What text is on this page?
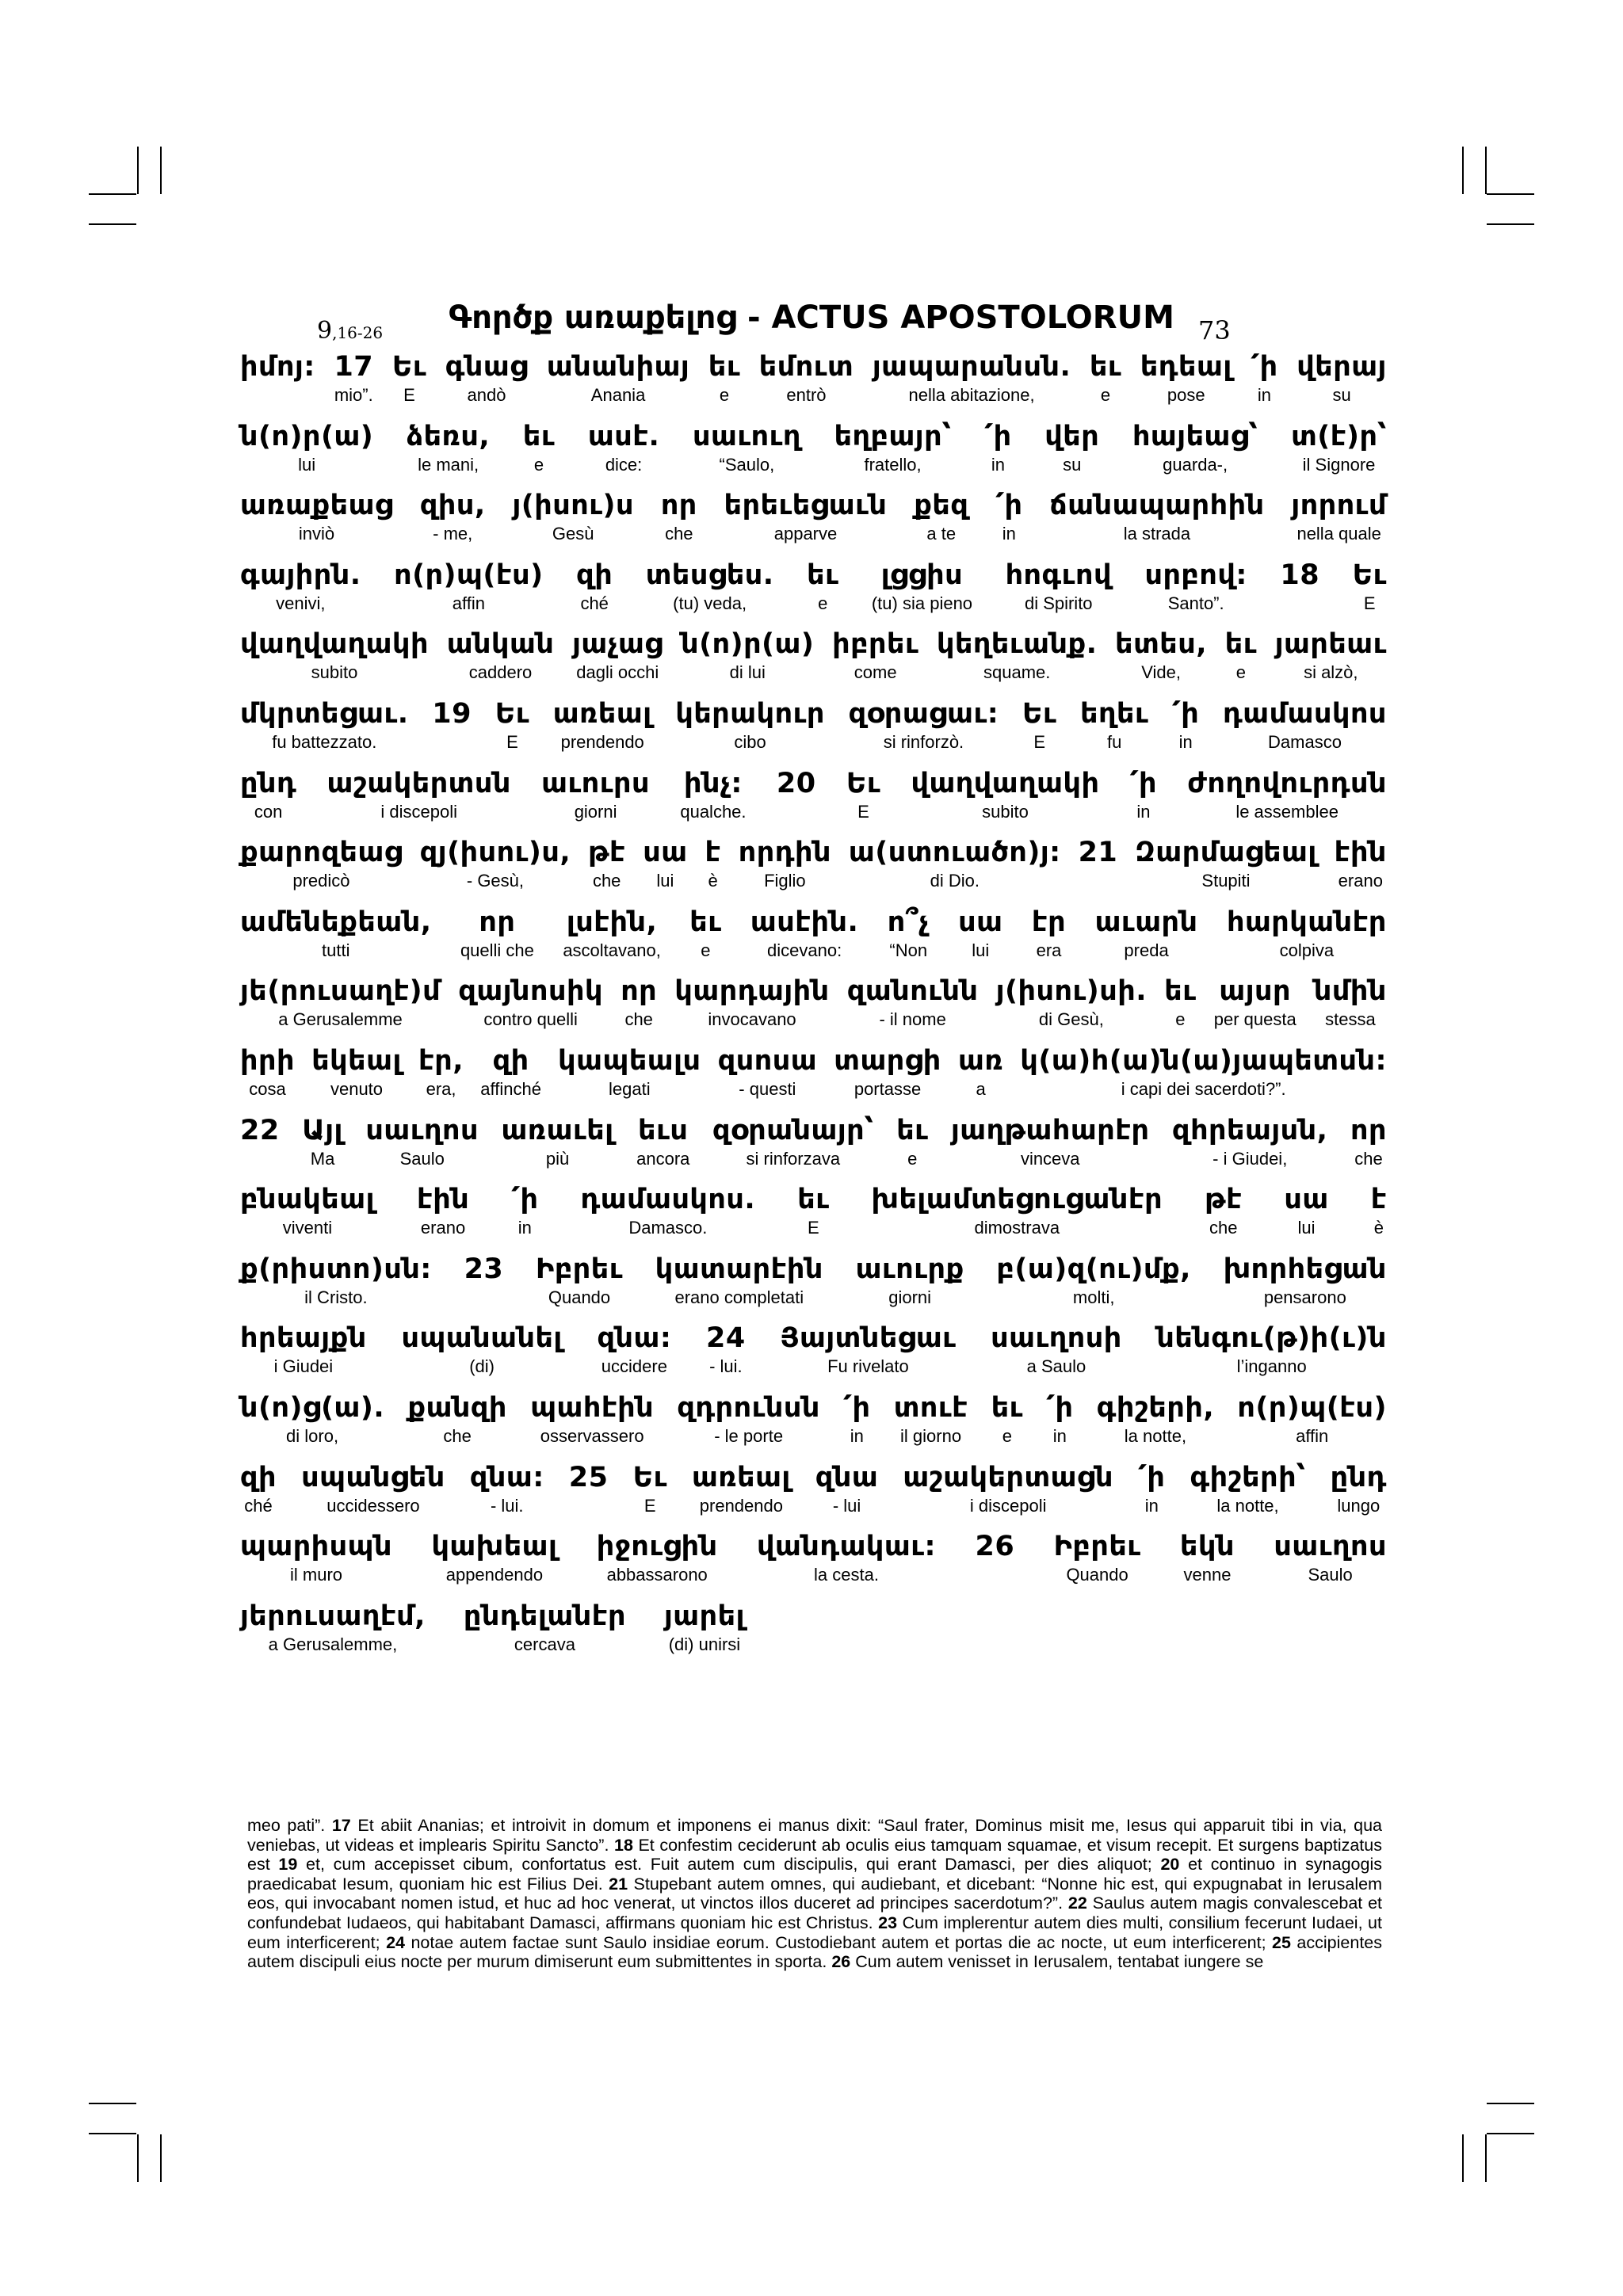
9,16-26	Գործք առաքելոց - ACTUS APOSTOLORUM 73
իմոյ: 17
mio”.
Եւ
E
գնաց
andò
անանիայ
Anania
եւ
e
եմուտ
entrò
յապարանսն.
nella abitazione,
եւ
e
եդեալ
pose
՛ի
in
վերայ
su
ն(ո)ր(ա)
lui
ձեռս,
le mani,
եւ
e
ասէ.
dice:
սաւուղ
“Saulo,
եղբայր՝
fratello,
՛ի
in
վեր
su
հայեաց՝
guarda-,
տ(է)ր՝
il Signore
առաքեաց
inviò
զիս,
- me,
յ(իսու)ս
Gesù
որ
che
երեւեցաւն
apparve
քեզ
a te
՛ի
in
ճանապարհին
la strada
յորում
nella quale
գայիրն.
venivi,
ո(ր)պ(էս)
affin
զի
ché
տեսցես.
(tu) veda,
եւ
e
լցցիս
(tu) sia pieno
հոգւով
di Spirito
սրբով:
Santo”.
18 Եւ
E
վաղվաղակի
subito
անկան
caddero
յաչաց
dagli occhi
ն(ո)ր(ա)
di lui
իբրեւ
come
կեղեւանք.
squame.
ետես,
Vide,
եւ
e
յարեաւ
si alzò,
մկրտեցաւ.
fu battezzato.
19 Եւ
E
առեալ
prendendo
կերակուր
cibo
զօրացաւ:
si rinforzò.
Եւ
E
եղեւ
fu
՛ի
in
դամասկոս
Damasco
ընդ
con
աշակերտսն
i discepoli
աւուրս
giorni
ինչ:
qualche.
20 Եւ
E
վաղվաղակի
subito
՛ի
in
ժողովուրդսն
le assemblee
քարոզեաց
predicò
զյ(իսու)ս,
- Gesù,
թէ
che
սա
lui
է
è
որդին
Figlio
ա(ստուածո)յ:
di Dio.
21 Զարմացեալ
Stupiti
էին
erano
ամենեքեան,
tutti
որ
quelli che
լսէին,
ascoltavano,
եւ
e
ասէին.
dicevano:
ո՞չ
“Non
սա
lui
էր
era
աւարն
preda
հարկանէր
colpiva
յե(րուսաղէ)մ
a Gerusalemme
զայնոսիկ
contro quelli
որ
che
կարդային
invocavano
զանունն
- il nome
յ(իսու)սի.
di Gesù,
եւ
e
այսր
per questa
նմին
stessa
իրի
cosa
եկեալ
venuto
էր,
era,
զի
affinché
կապեալս
legati
զսոսա
- questi
տարցի
portasse
առ
a
կ(ա)հ(ա)ն(ա)յապետսն:
i capi dei sacerdoti?”.
22 Այլ
Ma
սաւղոս
Saulo
առաւել
più
եւս
ancora
զօրանայր՝
si rinforzava
եւ
e
յաղթահարէր
vinceva
զհրեայսն,
- i Giudei,
որ
che
բնակեալ
viventi
էին
erano
՛ի
in
դամասկոս.
Damasco.
եւ
E
խելամտեցուցանէր
dimostrava
թէ
che
սա
lui
է
è
ք(րիստո)սն:
il Cristo.
23 Իբրեւ
Quando
կատարէին
erano completati
աւուրք
giorni
բ(ա)զ(ու)մք,
molti,
խորհեցան
pensarono
հրեայքն
i Giudei
սպանանել
(di)
զնա:
uccidere
24
- lui.
Յայտնեցաւ
Fu rivelato
սաւղոսի
a Saulo
նենգու(թ)ի(ւ)ն
l’inganno
ն(ո)ց(ա).
di loro,
քանզի
che
պահէին
osservassero
զդրունսն
- le porte
՛ի
in
տուէ
il giorno
եւ
e
՛ի
in
գիշերի,
la notte,
ո(ր)պ(էս)
affin
զի
ché
սպանցեն
uccidessero
զնա:
- lui.
25 Եւ
E
առեալ
prendendo
զնա
- lui
աշակերտացն
i discepoli
՛ի
in
գիշերի՝
la notte,
ընդ
lungo
պարիսպն
il muro
կախեալ
appendendo
իջուցին
abbassarono
վանդակաւ:
la cesta.
26 Իբրեւ
Quando
եկն
venne
սաւղոս
Saulo
յերուսաղէմ,
a Gerusalemme,
ընդելանէր
cercava
յարել
(di) unirsi
meo pati”. 17 Et abiit Ananias; et introivit in domum et imponens ei manus dixit: “Saul frater, Dominus misit me, Iesus qui apparuit tibi in via, qua veniebas, ut videas et implearis Spiritu Sancto”. 18 Et confestim ceciderunt ab oculis eius tamquam squamae, et visum recepit. Et surgens baptizatus est 19 et, cum accepisset cibum, confortatus est. Fuit autem cum discipulis, qui erant Damasci, per dies aliquot; 20 et continuo in synagogis praedicabat Iesum, quoniam hic est Filius Dei. 21 Stupebant autem omnes, qui audiebant, et dicebant: “Nonne hic est, qui expugnabat in Ierusalem eos, qui invocabant nomen istud, et huc ad hoc venerat, ut vinctos illos duceret ad principes sacerdotum?”. 22 Saulus autem magis convalescebat et confundebat Iudaeos, qui habitabant Damasci, affirmans quoniam hic est Christus. 23 Cum implerentur autem dies multi, consilium fecerunt Iudaei, ut eum interficerent; 24 notae autem factae sunt Saulo insidiae eorum. Custodiebant autem et portas die ac nocte, ut eum interficerent; 25 accipientes autem discipuli eius nocte per murum dimiserunt eum submittentes in sporta. 26 Cum autem venisset in Ierusalem, tentabat iungere se
